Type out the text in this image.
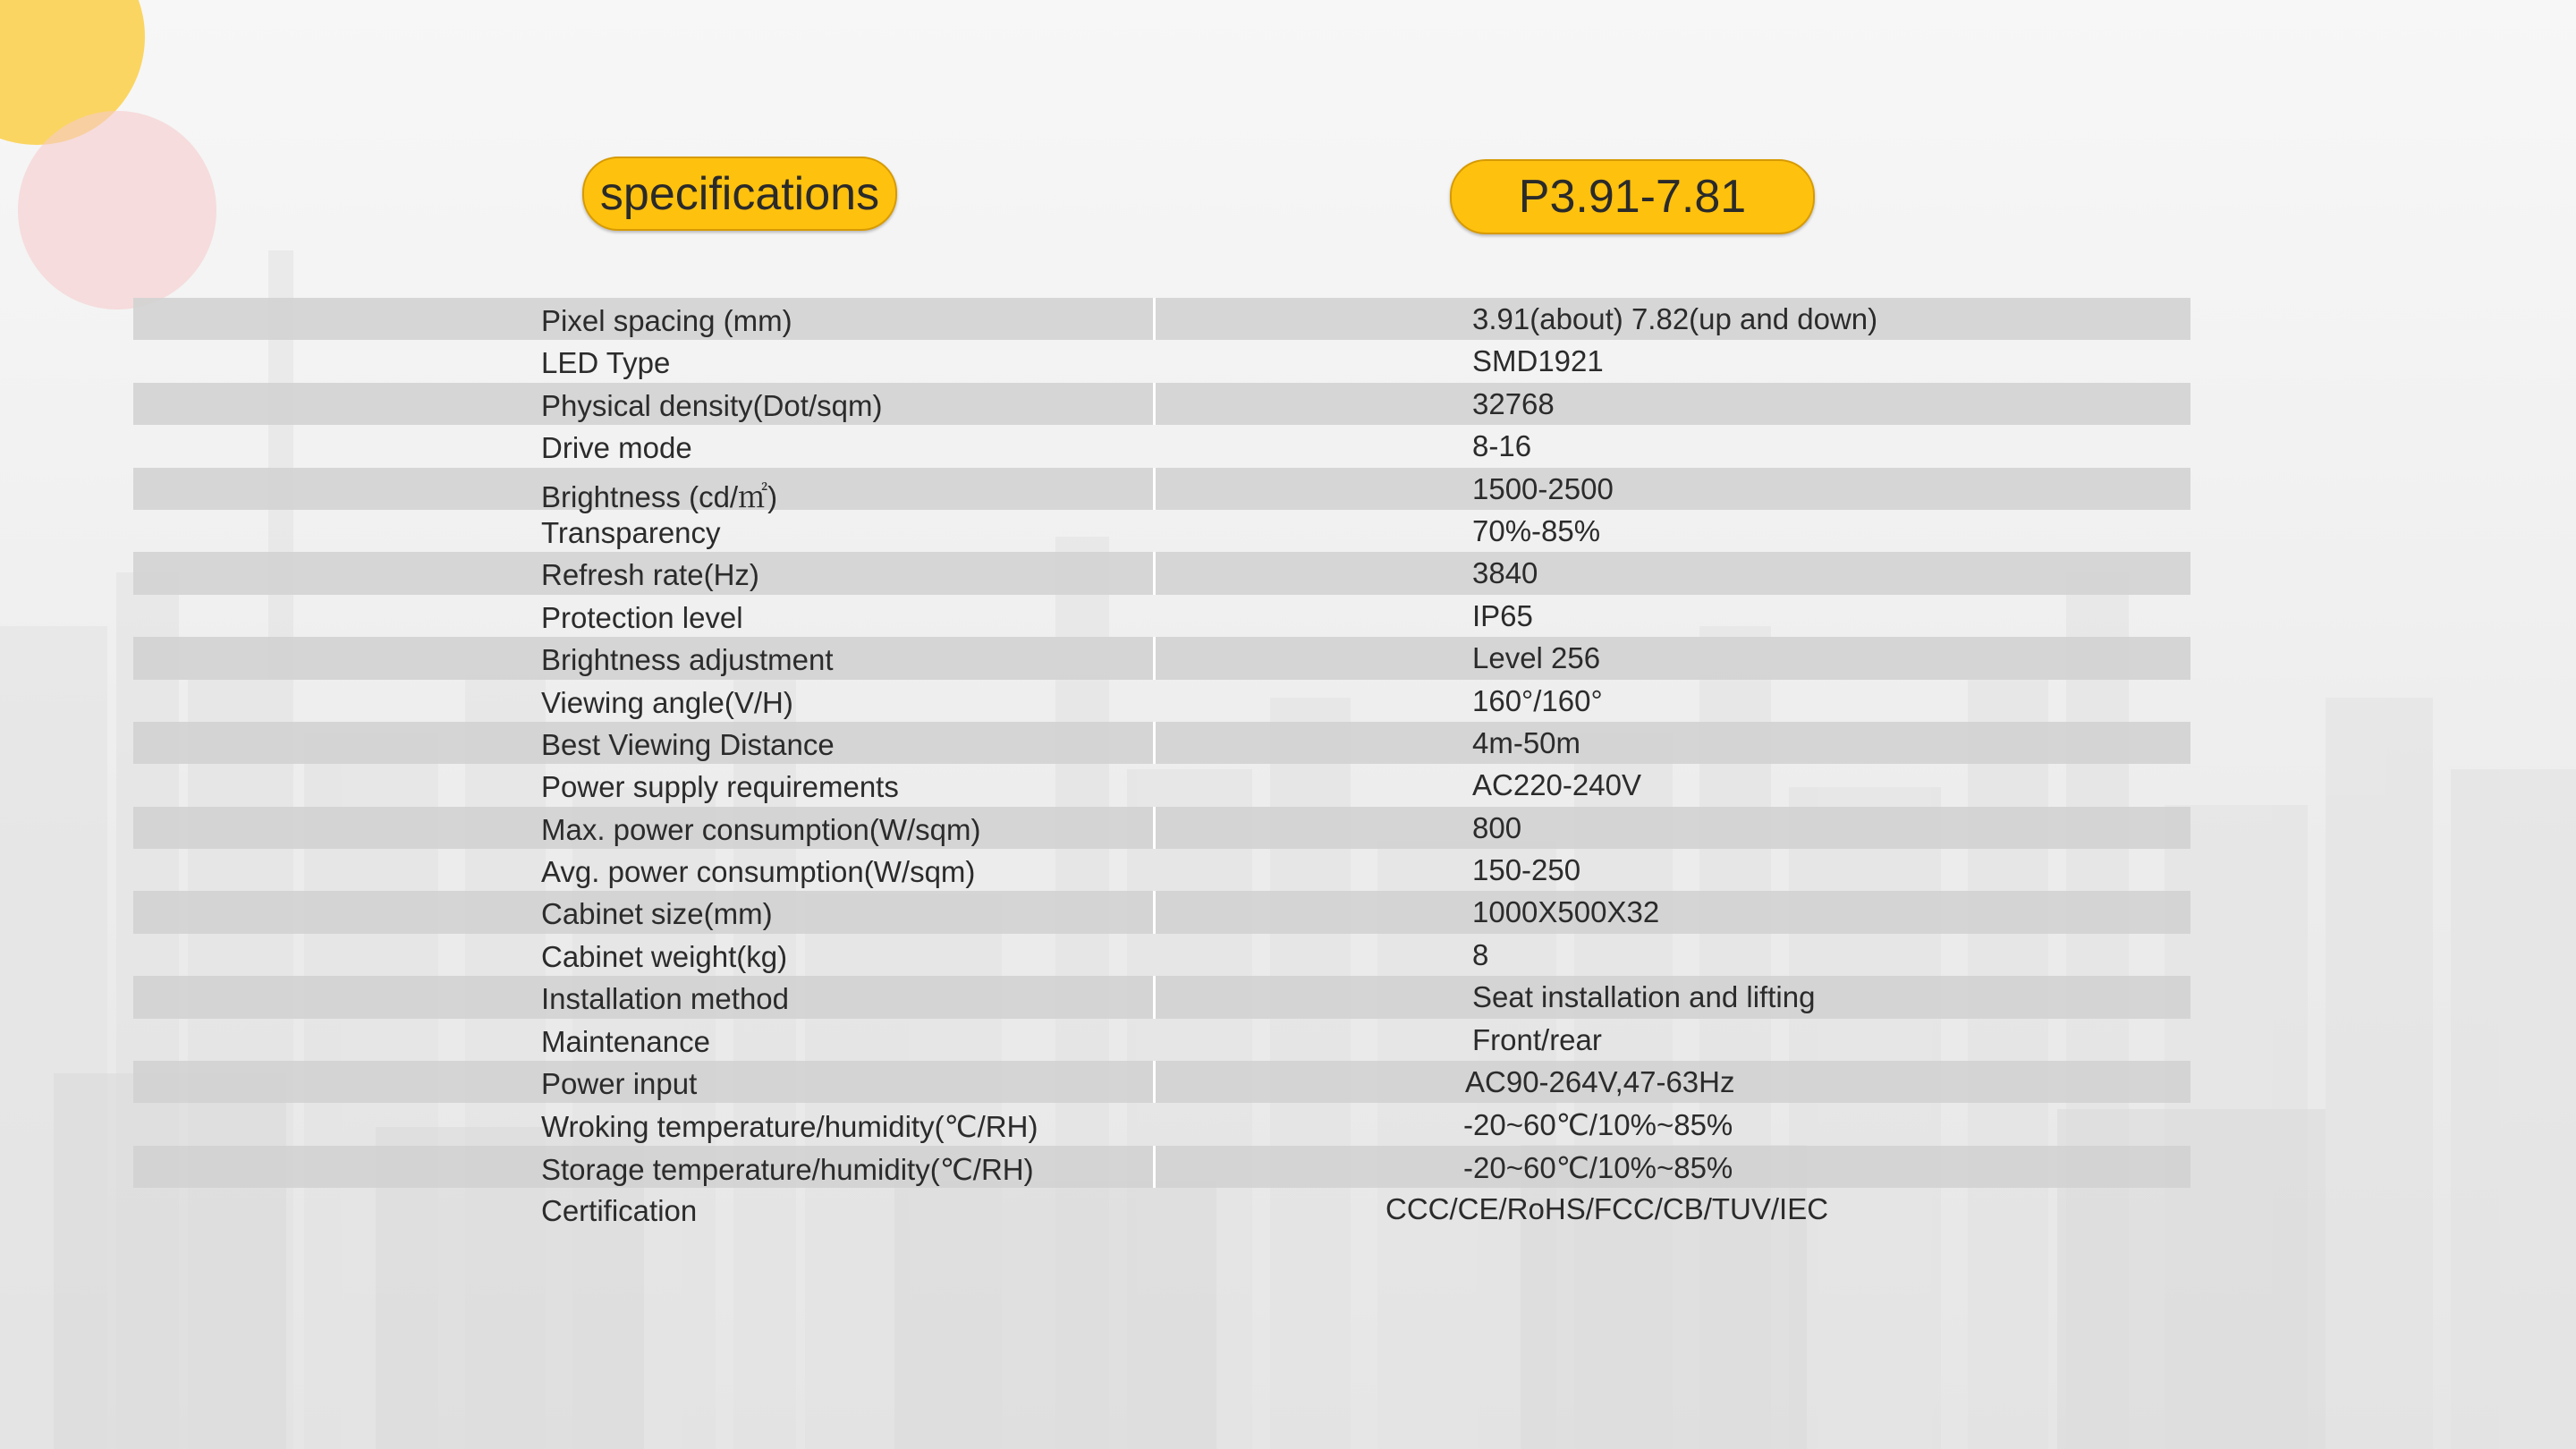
specifications	P3.91-7.81
Pixel spacing (mm)	3.91(about) 7.82(up and down)
LED Type	SMD1921
Physical density(Dot/sqm)	32768
Drive mode	8-16
Brightness (cd/㎡)	1500-2500
Transparency	70%-85%
Refresh rate(Hz)	3840
Protection level	IP65
Brightness adjustment	Level 256
Viewing angle(V/H)	160°/160°
Best Viewing Distance	4m-50m
Power supply requirements	AC220-240V
Max. power consumption(W/sqm)	800
Avg. power consumption(W/sqm)	150-250
Cabinet size(mm)	1000X500X32
Cabinet weight(kg)	8
Installation method	Seat installation and lifting
Maintenance	Front/rear
Power input	AC90-264V,47-63Hz
Wroking temperature/humidity(℃/RH)	-20~60℃/10%~85%
Storage temperature/humidity(℃/RH)	-20~60℃/10%~85%
Certification	CCC/CE/RoHS/FCC/CB/TUV/IEC
